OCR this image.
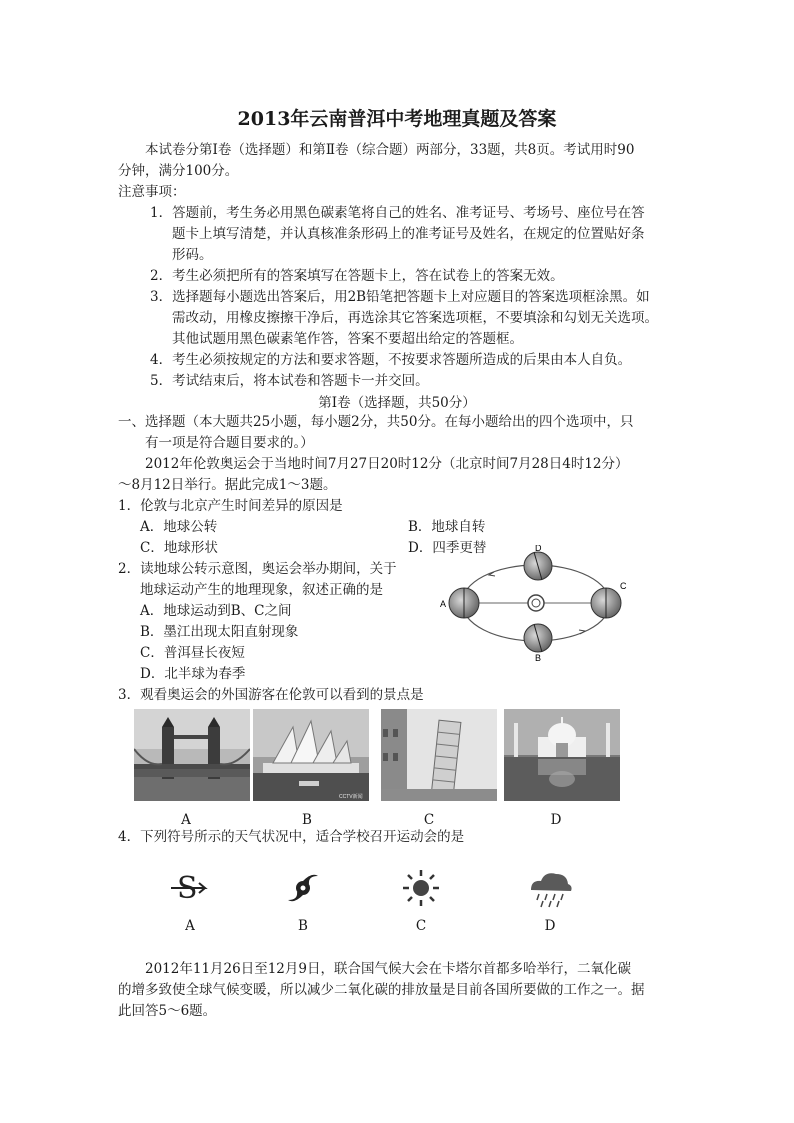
2013年云南普洱中考地理真题及答案
本试卷分第Ⅰ卷（选择题）和第Ⅱ卷（综合题）两部分，33题，共8页。考试用时90
分钟，满分100分。
注意事项：
1．答题前，考生务必用黑色碳素笔将自己的姓名、准考证号、考场号、座位号在答
题卡上填写清楚，并认真核准条形码上的准考证号及姓名，在规定的位置贴好条
形码。
2．考生必须把所有的答案填写在答题卡上，答在试卷上的答案无效。
3．选择题每小题选出答案后，用2B铅笔把答题卡上对应题目的答案选项框涂黑。如
需改动，用橡皮擦擦干净后，再选涂其它答案选项框，不要填涂和勾划无关选项。
其他试题用黑色碳素笔作答，答案不要超出给定的答题框。
4．考生必须按规定的方法和要求答题，不按要求答题所造成的后果由本人自负。
5．考试结束后，将本试卷和答题卡一并交回。
第Ⅰ卷（选择题，共50分）
一、选择题（本大题共25小题，每小题2分，共50分。在每小题给出的四个选项中，只
有一项是符合题目要求的。）
2012年伦敦奥运会于当地时间7月27日20时12分（北京时间7月28日4时12分）
～8月12日举行。据此完成1～3题。
1．伦敦与北京产生时间差异的原因是
A．地球公转	B．地球自转
C．地球形状	D．四季更替
2．读地球公转示意图，奥运会举办期间，关于
地球运动产生的地理现象，叙述正确的是
A．地球运动到B、C之间
B．墨江出现太阳直射现象
C．普洱昼长夜短
D．北半球为春季
A
B
C
D
3．观看奥运会的外国游客在伦敦可以看到的景点是
CCTV新闻
A	B	C	D
4．下列符号所示的天气状况中，适合学校召开运动会的是
S
A	B	C	D
2012年11月26日至12月9日，联合国气候大会在卡塔尔首都多哈举行，二氧化碳
的增多致使全球气候变暖，所以减少二氧化碳的排放量是目前各国所要做的工作之一。据
此回答5～6题。
